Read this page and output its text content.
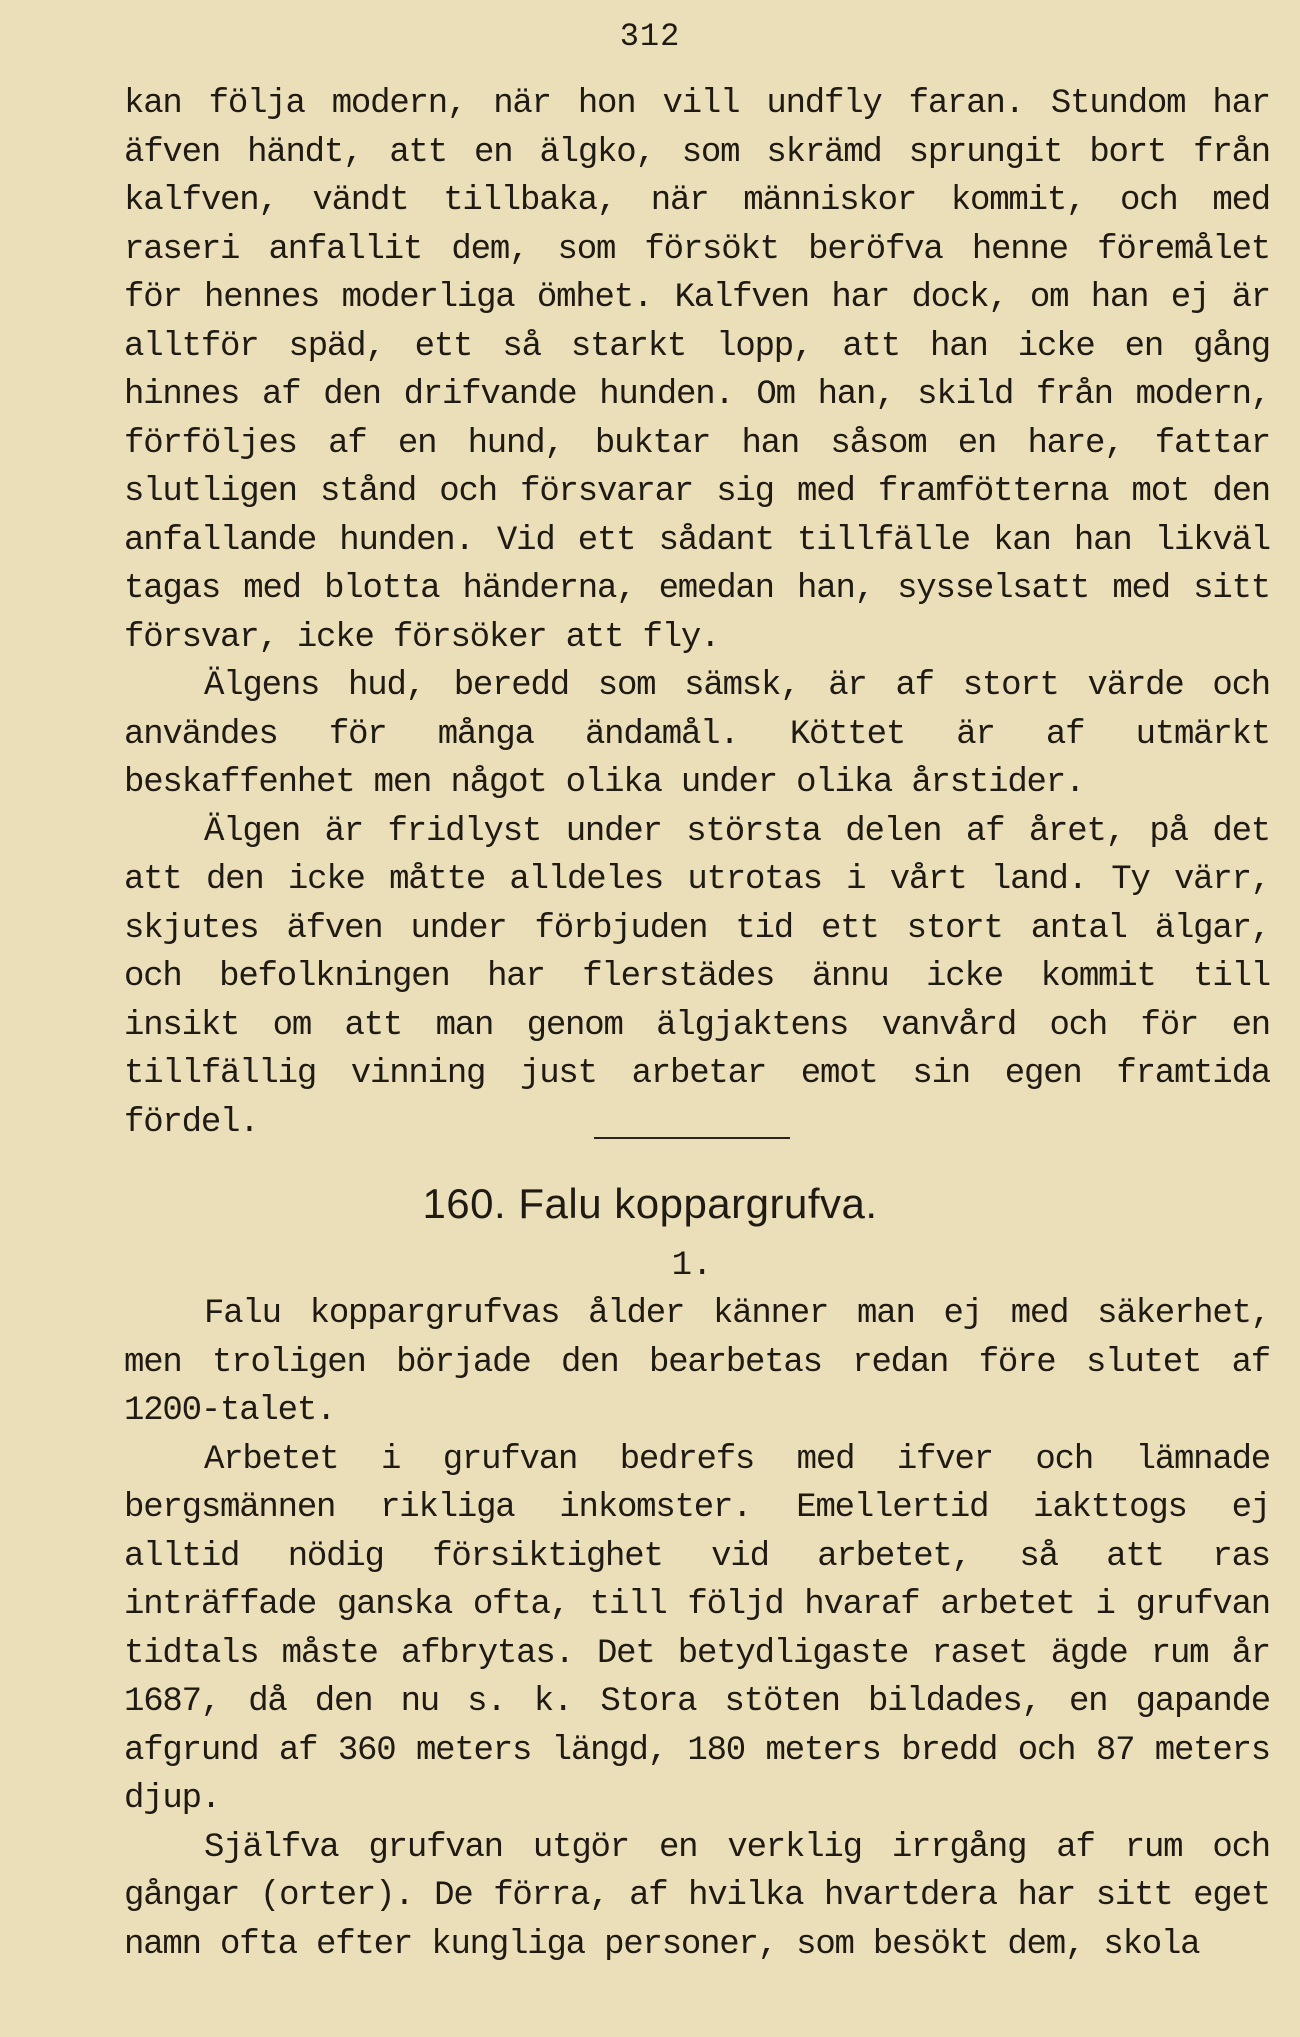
312

kan följa modern, när hon vill undfly faran. Stundom har äfven händt, att en älgko, som skrämd sprungit bort från kalfven, vändt tillbaka, när människor kommit, och med raseri anfallit dem, som försökt beröfva henne föremålet för hennes moderliga ömhet. Kalfven har dock, om han ej är alltför späd, ett så starkt lopp, att han icke en gång hinnes af den drifvande hunden. Om han, skild från modern, förföljes af en hund, buktar han såsom en hare, fattar slutligen stånd och försvarar sig med framfötterna mot den anfallande hunden. Vid ett sådant tillfälle kan han likväl tagas med blotta händerna, emedan han, sysselsatt med sitt försvar, icke försöker att fly.

Älgens hud, beredd som sämsk, är af stort värde och användes för många ändamål. Köttet är af utmärkt beskaffenhet men något olika under olika årstider.

Älgen är fridlyst under största delen af året, på det att den icke måtte alldeles utrotas i vårt land. Ty värr, skjutes äfven under förbjuden tid ett stort antal älgar, och befolkningen har flerstädes ännu icke kommit till insikt om att man genom älgjaktens vanvård och för en tillfällig vinning just arbetar emot sin egen framtida fördel.

160. Falu koppargrufva.
1.

Falu koppargrufvas ålder känner man ej med säkerhet, men troligen började den bearbetas redan före slutet af 1200-talet.

Arbetet i grufvan bedrefs med ifver och lämnade bergsmännen rikliga inkomster. Emellertid iakttogs ej alltid nödig försiktighet vid arbetet, så att ras inträffade ganska ofta, till följd hvaraf arbetet i grufvan tidtals måste afbrytas. Det betydligaste raset ägde rum år 1687, då den nu s. k. Stora stöten bildades, en gapande afgrund af 360 meters längd, 180 meters bredd och 87 meters djup.

Själfva grufvan utgör en verklig irrgång af rum och gångar (orter). De förra, af hvilka hvartdera har sitt eget namn ofta efter kungliga personer, som besökt dem, skola
